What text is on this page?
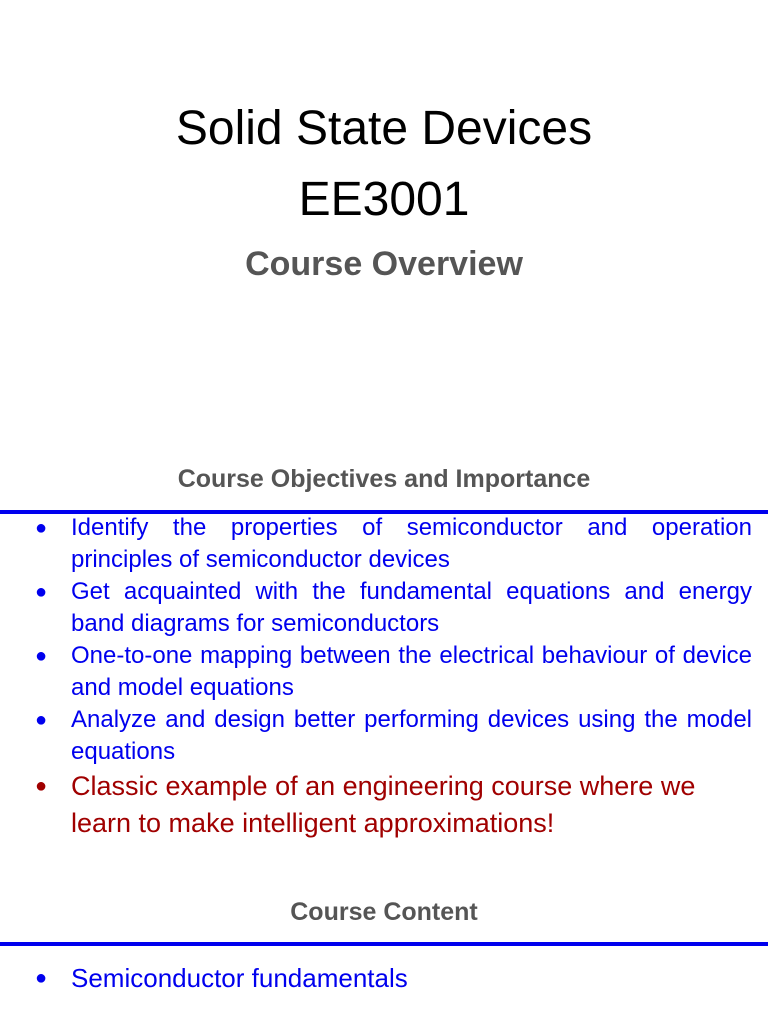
Solid State Devices
EE3001
Course Overview
Course Objectives and Importance
● Identify the properties of semiconductor and operation principles of semiconductor devices
● Get acquainted with the fundamental equations and energy band diagrams for semiconductors
● One-to-one mapping between the electrical behaviour of device and model equations
● Analyze and design better performing devices using the model equations
● Classic example of an engineering course where we learn to make intelligent approximations!
Course Content
● Semiconductor fundamentals
